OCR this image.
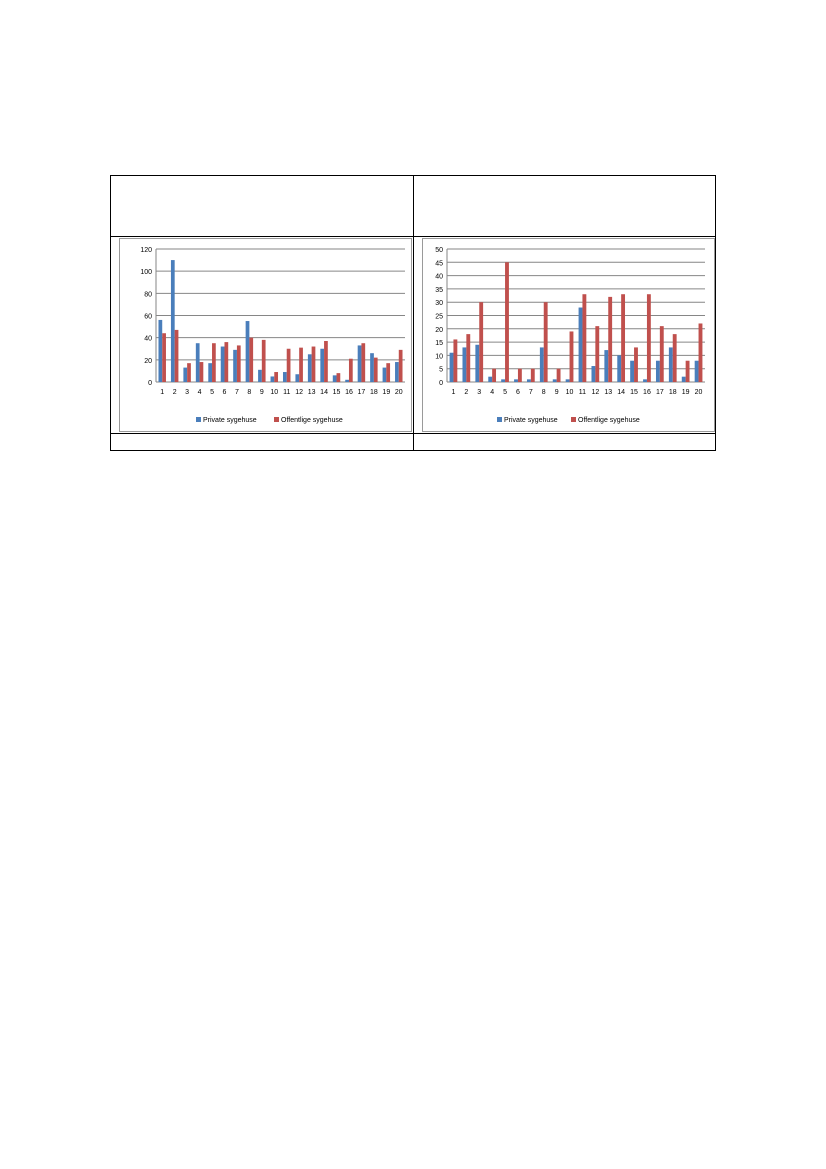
0
20
40
60
80
100
120
1 2 3 4 5 6 7 8 9 10 11 12 13 14 15 16 17 18 19 20
Private sygehuse	Offentlige sygehuse
0
5
10
15
20
25
30
35
40
45
50
1 2 3 4 5 6 7 8 9 10 11 12 13 14 15 16 17 18 19 20
Private sygehuse	Offentlige sygehuse
